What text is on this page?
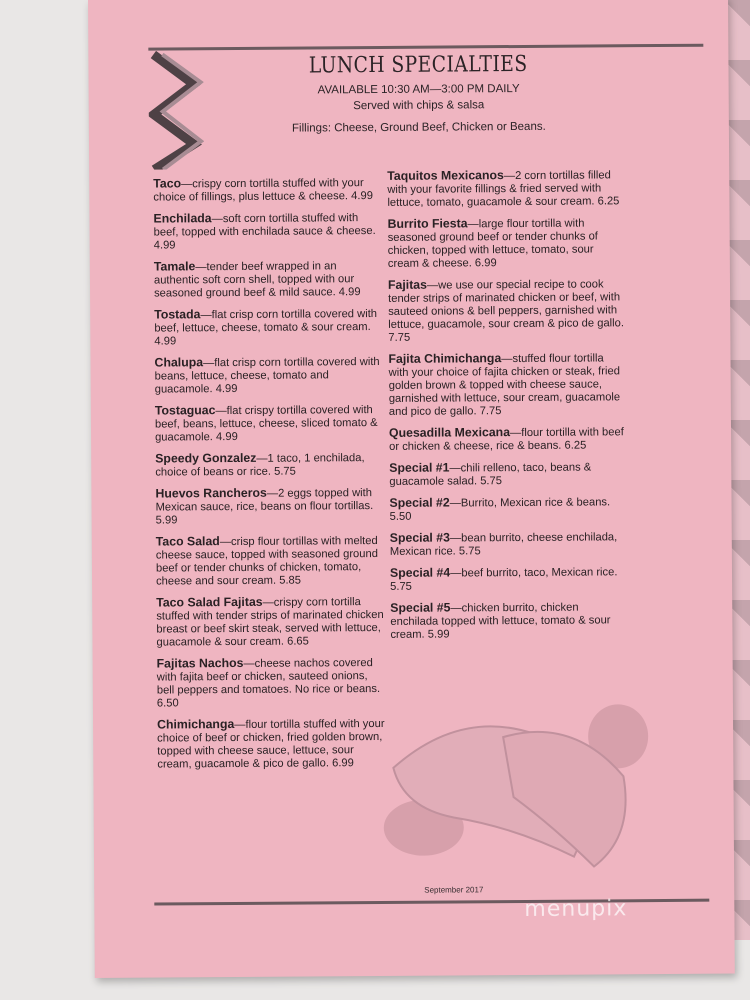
LUNCH SPECIALTIES
AVAILABLE 10:30 AM—3:00 PM DAILY
Served with chips & salsa
Fillings: Cheese, Ground Beef, Chicken or Beans.
Taco—crispy corn tortilla stuffed with your choice of fillings, plus lettuce & cheese. 4.99
Enchilada—soft corn tortilla stuffed with beef, topped with enchilada sauce & cheese. 4.99
Tamale—tender beef wrapped in an authentic soft corn shell, topped with our seasoned ground beef & mild sauce. 4.99
Tostada—flat crisp corn tortilla covered with beef, lettuce, cheese, tomato & sour cream. 4.99
Chalupa—flat crisp corn tortilla covered with beans, lettuce, cheese, tomato and guacamole. 4.99
Tostaguac—flat crispy tortilla covered with beef, beans, lettuce, cheese, sliced tomato & guacamole. 4.99
Speedy Gonzalez—1 taco, 1 enchilada, choice of beans or rice. 5.75
Huevos Rancheros—2 eggs topped with Mexican sauce, rice, beans on flour tortillas. 5.99
Taco Salad—crisp flour tortillas with melted cheese sauce, topped with seasoned ground beef or tender chunks of chicken, tomato, cheese and sour cream. 5.85
Taco Salad Fajitas—crispy corn tortilla stuffed with tender strips of marinated chicken breast or beef skirt steak, served with lettuce, guacamole & sour cream. 6.65
Fajitas Nachos—cheese nachos covered with fajita beef or chicken, sauteed onions, bell peppers and tomatoes. No rice or beans. 6.50
Chimichanga—flour tortilla stuffed with your choice of beef or chicken, fried golden brown, topped with cheese sauce, lettuce, sour cream, guacamole & pico de gallo. 6.99
Taquitos Mexicanos—2 corn tortillas filled with your favorite fillings & fried served with lettuce, tomato, guacamole & sour cream. 6.25
Burrito Fiesta—large flour tortilla with seasoned ground beef or tender chunks of chicken, topped with lettuce, tomato, sour cream & cheese. 6.99
Fajitas—we use our special recipe to cook tender strips of marinated chicken or beef, with sauteed onions & bell peppers, garnished with lettuce, guacamole, sour cream & pico de gallo. 7.75
Fajita Chimichanga—stuffed flour tortilla with your choice of fajita chicken or steak, fried golden brown & topped with cheese sauce, garnished with lettuce, sour cream, guacamole and pico de gallo. 7.75
Quesadilla Mexicana—flour tortilla with beef or chicken & cheese, rice & beans. 6.25
Special #1—chili relleno, taco, beans & guacamole salad. 5.75
Special #2—Burrito, Mexican rice & beans. 5.50
Special #3—bean burrito, cheese enchilada, Mexican rice. 5.75
Special #4—beef burrito, taco, Mexican rice. 5.75
Special #5—chicken burrito, chicken enchilada topped with lettuce, tomato & sour cream. 5.99
September 2017
menupix
